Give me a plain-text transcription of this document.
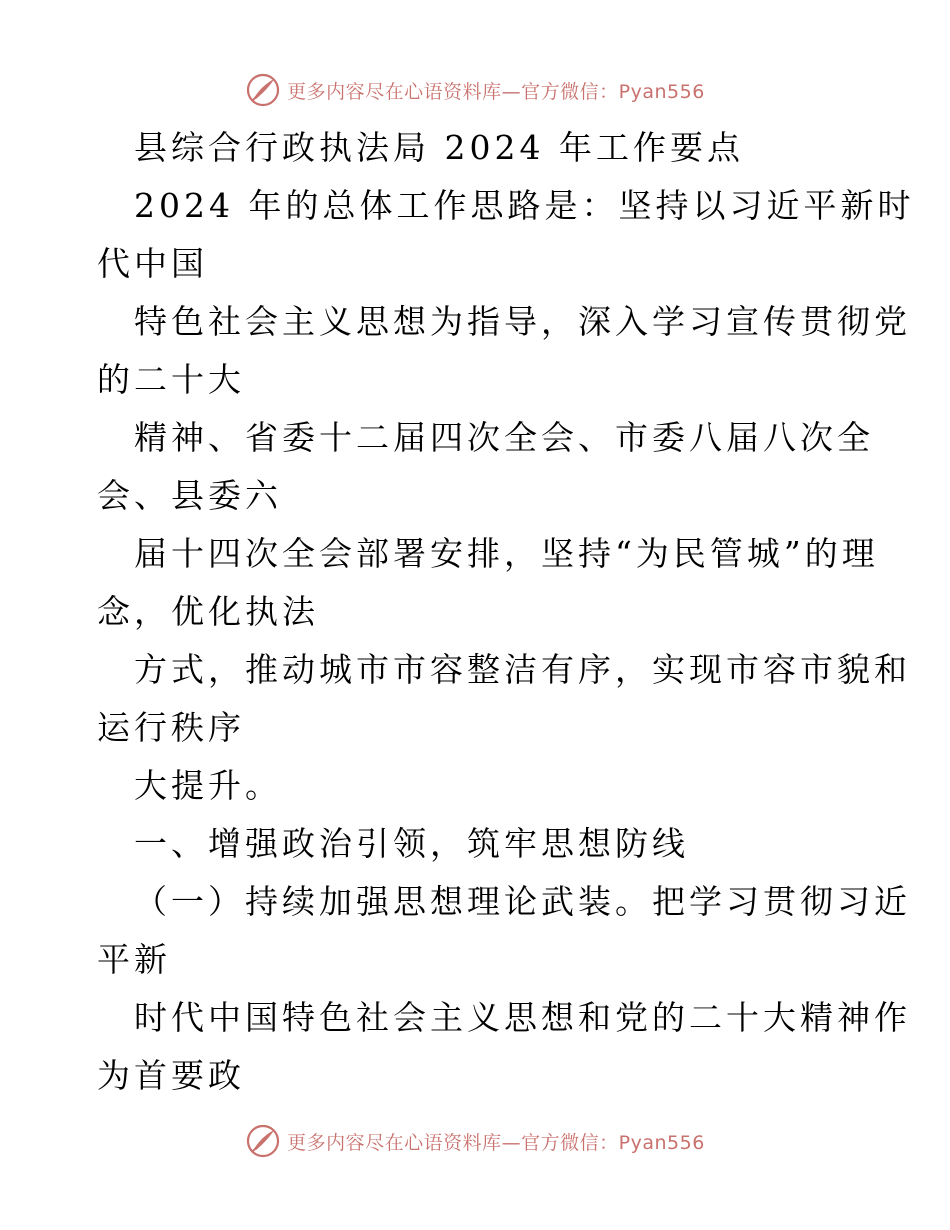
更多内容尽在心语资料库—官方微信：Pyan556
县综合行政执法局 2024 年工作要点
2024 年的总体工作思路是：坚持以习近平新时
代中国
特色社会主义思想为指导，深入学习宣传贯彻党
的二十大
精神、省委十二届四次全会、市委八届八次全
会、县委六
届十四次全会部署安排，坚持“为民管城”的理
念，优化执法
方式，推动城市市容整洁有序，实现市容市貌和
运行秩序
大提升。
一、增强政治引领，筑牢思想防线
（一）持续加强思想理论武装。把学习贯彻习近
平新
时代中国特色社会主义思想和党的二十大精神作
为首要政
更多内容尽在心语资料库—官方微信：Pyan556
